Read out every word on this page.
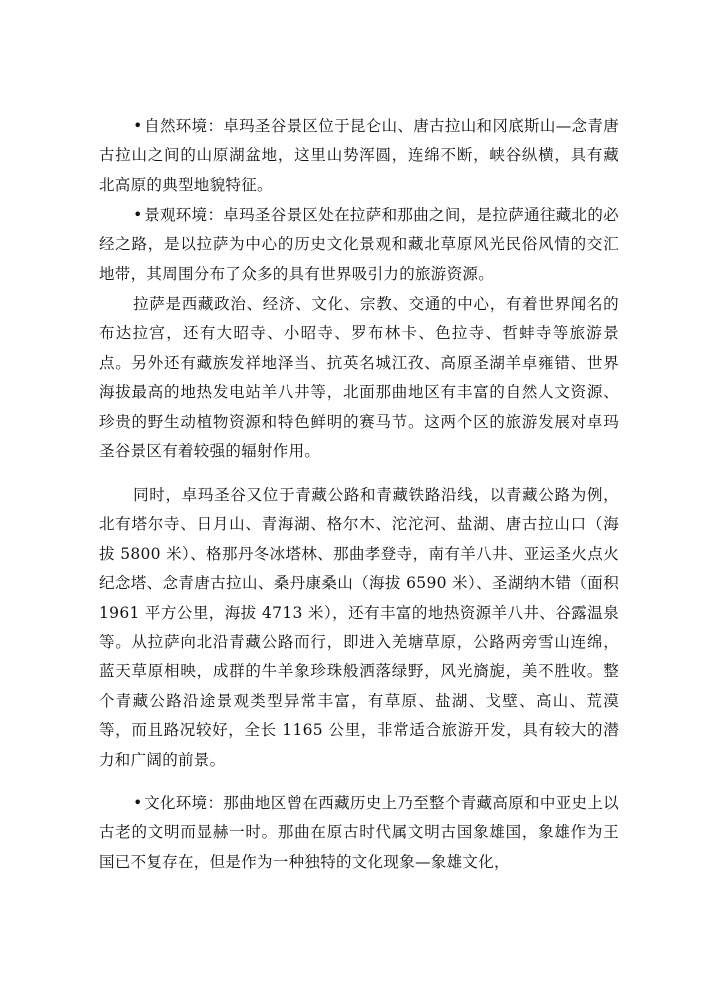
•自然环境：卓玛圣谷景区位于昆仑山、唐古拉山和冈底斯山—念青唐古拉山之间的山原湖盆地，这里山势浑圆，连绵不断，峡谷纵横，具有藏北高原的典型地貌特征。

•景观环境：卓玛圣谷景区处在拉萨和那曲之间，是拉萨通往藏北的必经之路，是以拉萨为中心的历史文化景观和藏北草原风光民俗风情的交汇地带，其周围分布了众多的具有世界吸引力的旅游资源。

拉萨是西藏政治、经济、文化、宗教、交通的中心，有着世界闻名的布达拉宫，还有大昭寺、小昭寺、罗布林卡、色拉寺、哲蚌寺等旅游景点。另外还有藏族发祥地泽当、抗英名城江孜、高原圣湖羊卓雍错、世界海拔最高的地热发电站羊八井等，北面那曲地区有丰富的自然人文资源、珍贵的野生动植物资源和特色鲜明的赛马节。这两个区的旅游发展对卓玛圣谷景区有着较强的辐射作用。

同时，卓玛圣谷又位于青藏公路和青藏铁路沿线，以青藏公路为例，北有塔尔寺、日月山、青海湖、格尔木、沱沱河、盐湖、唐古拉山口（海拔 5800 米）、格那丹冬冰塔林、那曲孝登寺，南有羊八井、亚运圣火点火纪念塔、念青唐古拉山、桑丹康桑山（海拔 6590 米）、圣湖纳木错（面积 1961 平方公里，海拔 4713 米），还有丰富的地热资源羊八井、谷露温泉等。从拉萨向北沿青藏公路而行，即进入羌塘草原，公路两旁雪山连绵，蓝天草原相映，成群的牛羊象珍珠般洒落绿野，风光旖旎，美不胜收。整个青藏公路沿途景观类型异常丰富，有草原、盐湖、戈壁、高山、荒漠等，而且路况较好，全长 1165 公里，非常适合旅游开发，具有较大的潜力和广阔的前景。

•文化环境：那曲地区曾在西藏历史上乃至整个青藏高原和中亚史上以古老的文明而显赫一时。那曲在原古时代属文明古国象雄国，象雄作为王国已不复存在，但是作为一种独特的文化现象—象雄文化，
